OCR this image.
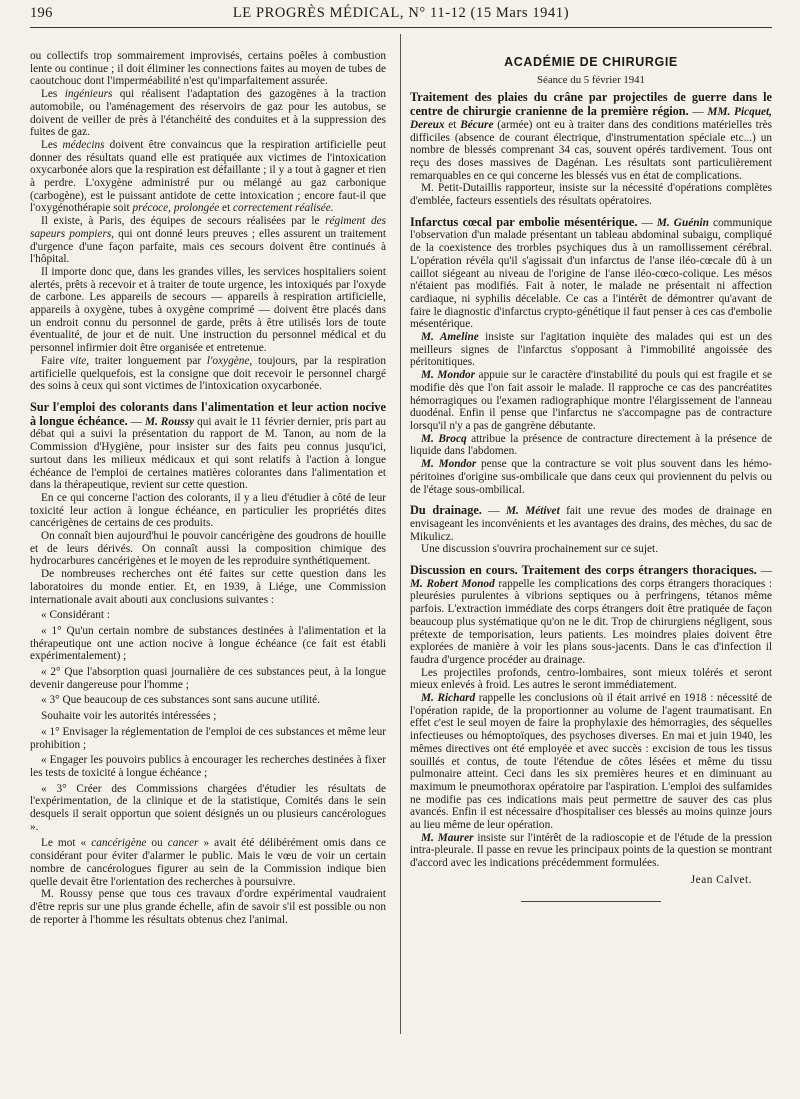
196	LE PROGRÈS MÉDICAL, N° 11-12 (15 Mars 1941)

ou collectifs trop sommairement improvisés, certains poêles à combustion lente ou continue ; il doit éliminer les connections faites au moyen de tubes de caoutchouc dont l'imperméabilité n'est qu'imparfaitement assurée.

Les ingénieurs qui réalisent l'adaptation des gazogènes à la traction automobile, ou l'aménagement des réservoirs de gaz pour les autobus, se doivent de veiller de près à l'étanchéité des conduites et à la suppression des fuites de gaz.

Les médecins doivent être convaincus que la respiration artificielle peut donner des résultats quand elle est pratiquée aux victimes de l'intoxication oxycarbonée alors que la respiration est défaillante ; il y a tout à gagner et rien à perdre. L'oxygène administré pur ou mélangé au gaz carbonique (carbogène), est le puissant antidote de cette intoxication ; encore faut-il que l'oxygénothérapie soit précoce, prolongée et correctement réalisée.

Il existe, à Paris, des équipes de secours réalisées par le régiment des sapeurs pompiers, qui ont donné leurs preuves ; elles assurent un traitement d'urgence d'une façon parfaite, mais ces secours doivent être continués à l'hôpital.

Il importe donc que, dans les grandes villes, les services hospitaliers soient alertés, prêts à recevoir et à traiter de toute urgence, les intoxiqués par l'oxyde de carbone. Les appareils de secours — appareils à respiration artificielle, appareils à oxygène, tubes à oxygène comprimé — doivent être placés dans un endroit connu du personnel de garde, prêts à être utilisés lors de toute éventualité, de jour et de nuit. Une instruction du personnel médical et du personnel infirmier doit être organisée et entretenue.

Faire vite, traiter longuement par l'oxygène, toujours, par la respiration artificielle quelquefois, est la consigne que doit recevoir le personnel chargé des soins à ceux qui sont victimes de l'intoxication oxycarbonée.

Sur l'emploi des colorants dans l'alimentation et leur action nocive à longue échéance. — M. Roussy qui avait le 11 février dernier, pris part au débat qui a suivi la présentation du rapport de M. Tanon, au nom de la Commission d'Hygiène, pour insister sur des faits peu connus jusqu'ici, surtout dans les milieux médicaux et qui sont relatifs à l'action à longue échéance de l'emploi de certaines matières colorantes dans l'alimentation et dans la thérapeutique, revient sur cette question.

En ce qui concerne l'action des colorants, il y a lieu d'étudier à côté de leur toxicité leur action à longue échéance, en particulier les propriétés dites cancérigènes de certains de ces produits.

On connaît bien aujourd'hui le pouvoir cancérigène des goudrons de houille et de leurs dérivés. On connaît aussi la composition chimique des hydrocarbures cancérigènes et le moyen de les reproduire synthétiquement.

De nombreuses recherches ont été faites sur cette question dans les laboratoires du monde entier. Et, en 1939, à Liége, une Commission internationale avait abouti aux conclusions suivantes :

« Considérant :

« 1° Qu'un certain nombre de substances destinées à l'alimentation et la thérapeutique ont une action nocive à longue échéance (ce fait est établi expérimentalement) ;

« 2° Que l'absorption quasi journalière de ces substances peut, à la longue devenir dangereuse pour l'homme ;

« 3° Que beaucoup de ces substances sont sans aucune utilité.

Souhaite voir les autorités intéressées ;

« 1° Envisager la réglementation de l'emploi de ces substances et même leur prohibition ;

« Engager les pouvoirs publics à encourager les recherches destinées à fixer les tests de toxicité à longue échéance ;

« 3° Créer des Commissions chargées d'étudier les résultats de l'expérimentation, de la clinique et de la statistique, Comités dans le sein desquels il serait opportun que soient désignés un ou plusieurs cancérologues ».

Le mot « cancérigène ou cancer » avait été délibérément omis dans ce considérant pour éviter d'alarmer le public. Mais le vœu de voir un certain nombre de cancérologues figurer au sein de la Commission indique bien quelle devait être l'orientation des recherches à poursuivre.

M. Roussy pense que tous ces travaux d'ordre expérimental vaudraient d'être repris sur une plus grande échelle, afin de savoir s'il est possible ou non de reporter à l'homme les résultats obtenus chez l'animal.

ACADÉMIE DE CHIRURGIE
Séance du 5 février 1941

Traitement des plaies du crâne par projectiles de guerre dans le centre de chirurgie cranienne de la première région. — MM. Picquet, Dereux et Bécure (armée) ont eu à traiter dans des conditions matérielles très difficiles (absence de courant électrique, d'instrumentation spéciale etc...) un nombre de blessés comprenant 34 cas, souvent opérés tardivement. Tous ont reçu des doses massives de Dagénan. Les résultats sont particulièrement remarquables en ce qui concerne les blessés vus en état de complications.

M. Petit-Dutaillis rapporteur, insiste sur la nécessité d'opérations complètes d'emblée, facteurs essentiels des résultats opératoires.

Infarctus cœcal par embolie mésentérique. — M. Guénin communique l'observation d'un malade présentant un tableau abdominal subaigu, compliqué de la coexistence des trorbles psychiques dus à un ramollissement cérébral. L'opération révéla qu'il s'agissait d'un infarctus de l'anse iléo-cœcale dû à un caillot siégeant au niveau de l'origine de l'anse iléo-cœco-colique. Les mésos n'étaient pas modifiés. Fait à noter, le malade ne présentait ni affection cardiaque, ni syphilis décelable. Ce cas a l'intérêt de démontrer qu'avant de faire le diagnostic d'infarctus crypto-génétique il faut penser à ces cas d'embolie mésentérique.

M. Ameline insiste sur l'agitation inquiète des malades qui est un des meilleurs signes de l'infarctus s'opposant à l'immobilité angoissée des péritonitiques.

M. Mondor appuie sur le caractère d'instabilité du pouls qui est fragile et se modifie dès que l'on fait assoir le malade. Il rapproche ce cas des pancréatites hémorragiques ou l'examen radiographique montre l'élargissement de l'anneau duodénal. Enfin il pense que l'infarctus ne s'accompagne pas de contracture lorsqu'il n'y a pas de gangrène débutante.

M. Brocq attribue la présence de contracture directement à la présence de liquide dans l'abdomen.

M. Mondor pense que la contracture se voit plus souvent dans les hémo-péritoines d'origine sus-ombilicale que dans ceux qui proviennent du pelvis ou de l'étage sous-ombilical.

Du drainage. — M. Métivet fait une revue des modes de drainage en envisageant les inconvénients et les avantages des drains, des mèches, du sac de Mikulicz.

Une discussion s'ouvrira prochainement sur ce sujet.

Discussion en cours. Traitement des corps étrangers thoraciques. — M. Robert Monod rappelle les complications des corps étrangers thoraciques : pleurésies purulentes à vibrions septiques ou à perfringens, tétanos même parfois. L'extraction immédiate des corps étrangers doit être pratiquée de façon beaucoup plus systématique qu'on ne le dit. Trop de chirurgiens négligent, sous prétexte de temporisation, leurs patients. Les moindres plaies doivent être explorées de manière à voir les plans sous-jacents. Dans le cas d'infection il faudra d'urgence procéder au drainage.

Les projectiles profonds, centro-lombaires, sont mieux tolérés et seront mieux enlevés à froid. Les autres le seront immédiatement.

M. Richard rappelle les conclusions où il était arrivé en 1918 : nécessité de l'opération rapide, de la proportionner au volume de l'agent traumatisant. En effet c'est le seul moyen de faire la prophylaxie des hémorragies, des séquelles infectieuses ou hémoptoïques, des psychoses diverses. En mai et juin 1940, les mêmes directives ont été employée et avec succès : excision de tous les tissus souillés et contus, de toute l'étendue de côtes lésées et même du tissu pulmonaire atteint. Ceci dans les six premières heures et en diminuant au maximum le pneumothorax opératoire par l'aspiration. L'emploi des sulfamides ne modifie pas ces indications mais peut permettre de sauver des cas plus avancés. Enfin il est nécessaire d'hospitaliser ces blessés au moins quinze jours au lieu même de leur opération.

M. Maurer insiste sur l'intérêt de la radioscopie et de l'étude de la pression intra-pleurale. Il passe en revue les principaux points de la question se montrant d'accord avec les indications précédemment formulées.

Jean Calvet.
